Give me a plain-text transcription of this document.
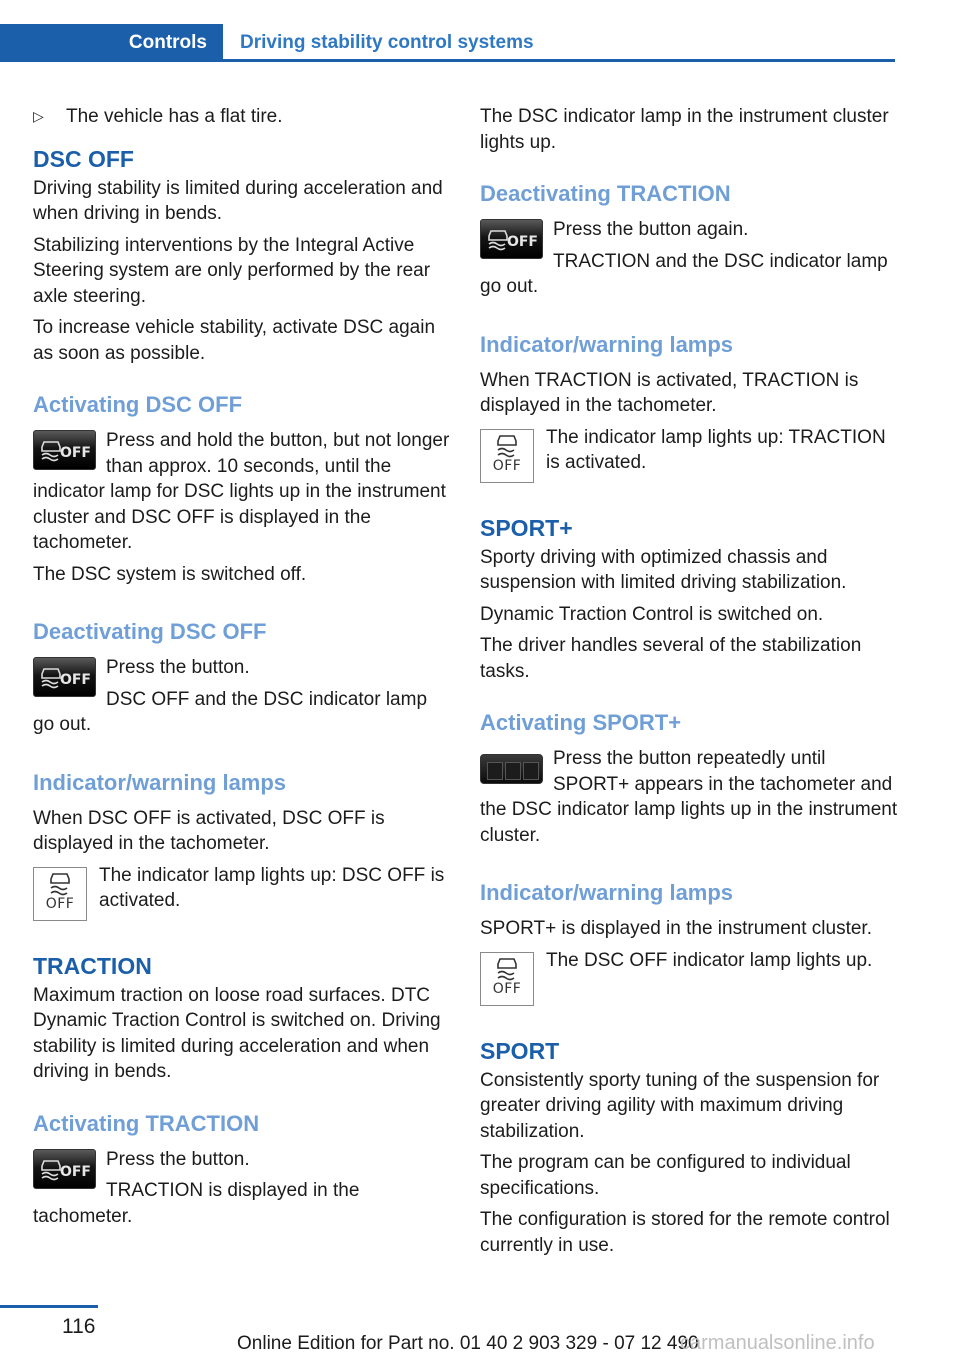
Controls	Driving stability control systems
▷ The vehicle has a flat tire.
DSC OFF

Driving stability is limited during acceleration and when driving in bends.

Stabilizing interventions by the Integral Active Steering system are only performed by the rear axle steering.

To increase vehicle stability, activate DSC again as soon as possible.

Activating DSC OFF
OFF

Press and hold the button, but not longer than approx. 10 seconds, until the indicator lamp for DSC lights up in the instrument cluster and DSC OFF is displayed in the tachometer.

The DSC system is switched off.

Deactivating DSC OFF
OFF

Press the button.

DSC OFF and the DSC indicator lamp go out.

Indicator/warning lamps

When DSC OFF is activated, DSC OFF is displayed in the tachometer.

OFF

The indicator lamp lights up: DSC OFF is activated.

TRACTION

Maximum traction on loose road surfaces. DTC Dynamic Traction Control is switched on. Driving stability is limited during acceleration and when driving in bends.

Activating TRACTION
OFF

Press the button.

TRACTION is displayed in the tachometer.

The DSC indicator lamp in the instrument cluster lights up.

Deactivating TRACTION
OFF

Press the button again.

TRACTION and the DSC indicator lamp go out.

Indicator/warning lamps

When TRACTION is activated, TRACTION is displayed in the tachometer.

OFF

The indicator lamp lights up: TRACTION is activated.

SPORT+

Sporty driving with optimized chassis and suspension with limited driving stabilization.

Dynamic Traction Control is switched on.

The driver handles several of the stabilization tasks.

Activating SPORT+

Press the button repeatedly until SPORT+ appears in the tachometer and the DSC indicator lamp lights up in the instrument cluster.

Indicator/warning lamps

SPORT+ is displayed in the instrument cluster.

OFF

The DSC OFF indicator lamp lights up.

SPORT

Consistently sporty tuning of the suspension for greater driving agility with maximum driving stabilization.

The program can be configured to individual specifications.

The configuration is stored for the remote control currently in use.

116
Online Edition for Part no. 01 40 2 903 329 - 07 12 490
carmanualsonline.info
